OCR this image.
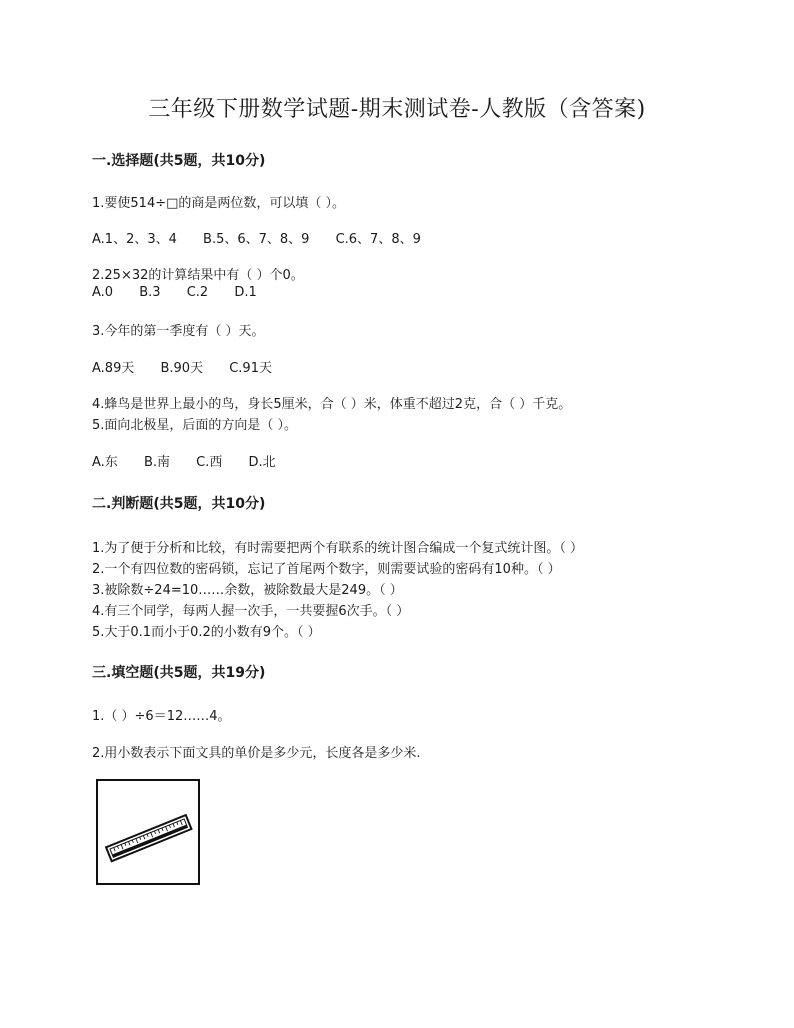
三年级下册数学试题-期末测试卷-人教版（含答案)
一.选择题(共5题，共10分)
1.要使514÷□的商是两位数，可以填（ ）。
A.1、2、3、4 B.5、6、7、8、9 C.6、7、8、9
2.25×32的计算结果中有（ ）个0。
A.0 B.3 C.2 D.1
3.今年的第一季度有（ ）天。
A.89天 B.90天 C.91天
4.蜂鸟是世界上最小的鸟，身长5厘米，合（ ）米，体重不超过2克，合（ ）千克。
5.面向北极星，后面的方向是（ ）。
A.东 B.南 C.西 D.北
二.判断题(共5题，共10分)
1.为了便于分析和比较，有时需要把两个有联系的统计图合编成一个复式统计图。（ ）
2.一个有四位数的密码锁，忘记了首尾两个数字，则需要试验的密码有10种。（ ）
3.被除数÷24=10……余数，被除数最大是249。（ ）
4.有三个同学，每两人握一次手，一共要握6次手。（ ）
5.大于0.1而小于0.2的小数有9个。（ ）
三.填空题(共5题，共19分)
1.（ ）÷6＝12……4。
2.用小数表示下面文具的单价是多少元，长度各是多少米.
